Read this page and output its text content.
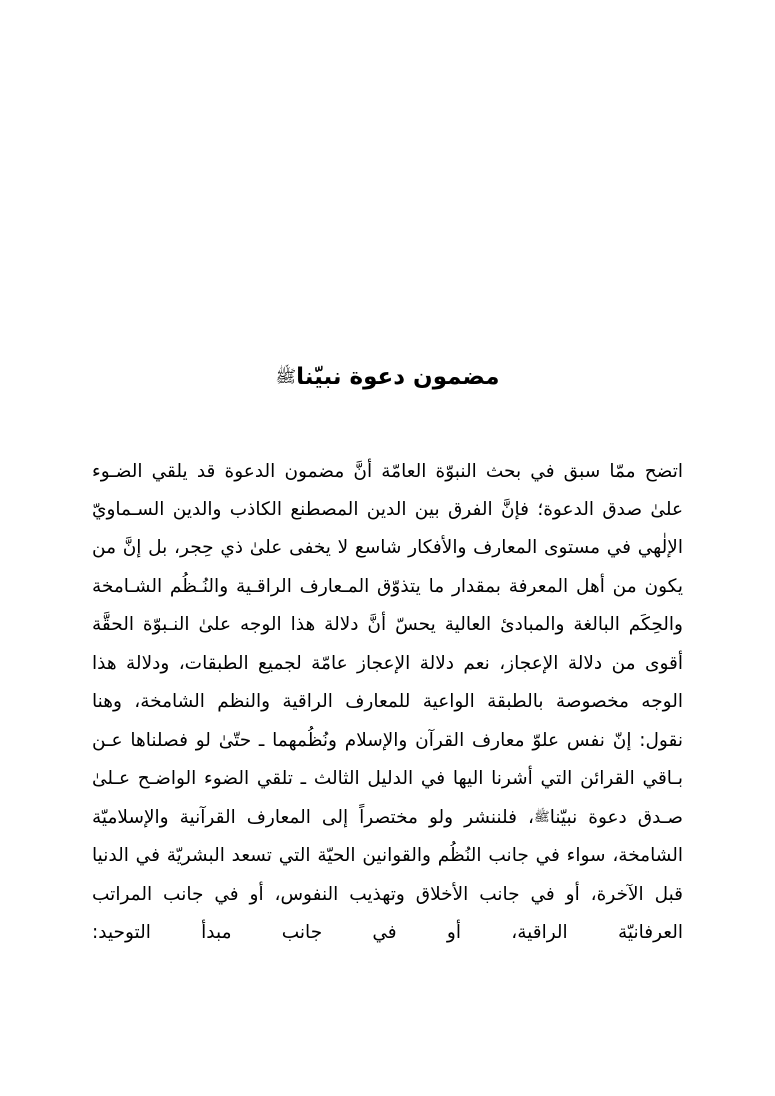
مضمون دعوة نبيّناﷺ

اتضح ممّا سبق في بحث النبوّة العامّة أنَّ مضمون الدعوة قد يلقي الضـوء علىٰ صدق الدعوة؛ فإنَّ الفرق بين الدين المصطنع الكاذب والدين السـماويّ الإلٰهي في مستوى المعارف والأفكار شاسع لا يخفى علىٰ ذي حِجر، بل إنَّ من يكون من أهل المعرفة بمقدار ما يتذوّق المـعارف الراقـية والنُـظُم الشـامخة والحِكَم البالغة والمبادئ العالية يحسّ أنَّ دلالة هذا الوجه علىٰ النـبوّة الحقَّة أقوى من دلالة الإعجاز، نعم دلالة الإعجاز عامّة لجميع الطبقات، ودلالة هذا الوجه مخصوصة بالطبقة الواعية للمعارف الراقية والنظم الشامخة، وهنا نقول: إنّ نفس علوّ معارف القرآن والإسلام ونُظُمهما ـ حتّىٰ لو فصلناها عـن بـاقي القرائن التي أشرنا اليها في الدليل الثالث ـ تلقي الضوء الواضـح عـلىٰ صـدق دعوة نبيّناﷺ، فلننشر ولو مختصراً إلى المعارف القرآنية والإسلاميّة الشامخة، سواء في جانب النُظُم والقوانين الحيّة التي تسعد البشريّة في الدنيا قبل الآخرة، أو في جانب الأخلاق وتهذيب النفوس، أو في جانب المراتب العرفانيّة الراقية، أو في جانب مبدأ التوحيد:
